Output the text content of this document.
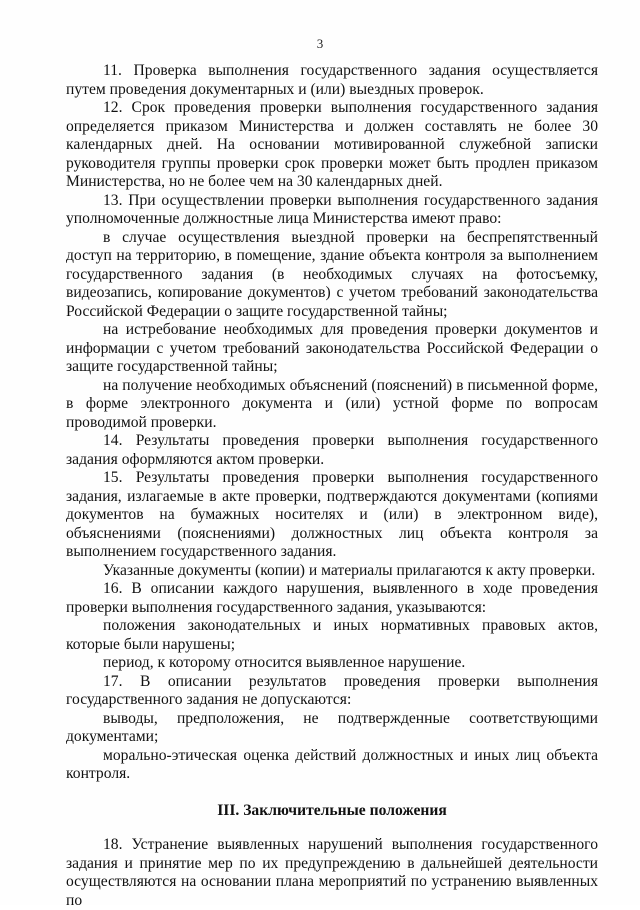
3

11. Проверка выполнения государственного задания осуществляется путем проведения документарных и (или) выездных проверок.

12. Срок проведения проверки выполнения государственного задания определяется приказом Министерства и должен составлять не более 30 календарных дней. На основании мотивированной служебной записки руководителя группы проверки срок проверки может быть продлен приказом Министерства, но не более чем на 30 календарных дней.

13. При осуществлении проверки выполнения государственного задания уполномоченные должностные лица Министерства имеют право:

в случае осуществления выездной проверки на беспрепятственный доступ на территорию, в помещение, здание объекта контроля за выполнением государственного задания (в необходимых случаях на фотосъемку, видеозапись, копирование документов) с учетом требований законодательства Российской Федерации о защите государственной тайны;

на истребование необходимых для проведения проверки документов и информации с учетом требований законодательства Российской Федерации о защите государственной тайны;

на получение необходимых объяснений (пояснений) в письменной форме, в форме электронного документа и (или) устной форме по вопросам проводимой проверки.

14. Результаты проведения проверки выполнения государственного задания оформляются актом проверки.

15. Результаты проведения проверки выполнения государственного задания, излагаемые в акте проверки, подтверждаются документами (копиями документов на бумажных носителях и (или) в электронном виде), объяснениями (пояснениями) должностных лиц объекта контроля за выполнением государственного задания.

Указанные документы (копии) и материалы прилагаются к акту проверки.

16. В описании каждого нарушения, выявленного в ходе проведения проверки выполнения государственного задания, указываются:

положения законодательных и иных нормативных правовых актов, которые были нарушены;

период, к которому относится выявленное нарушение.

17. В описании результатов проведения проверки выполнения государственного задания не допускаются:

выводы, предположения, не подтвержденные соответствующими документами;

морально-этическая оценка действий должностных и иных лиц объекта контроля.

III. Заключительные положения

18. Устранение выявленных нарушений выполнения государственного задания и принятие мер по их предупреждению в дальнейшей деятельности осуществляются на основании плана мероприятий по устранению выявленных по
